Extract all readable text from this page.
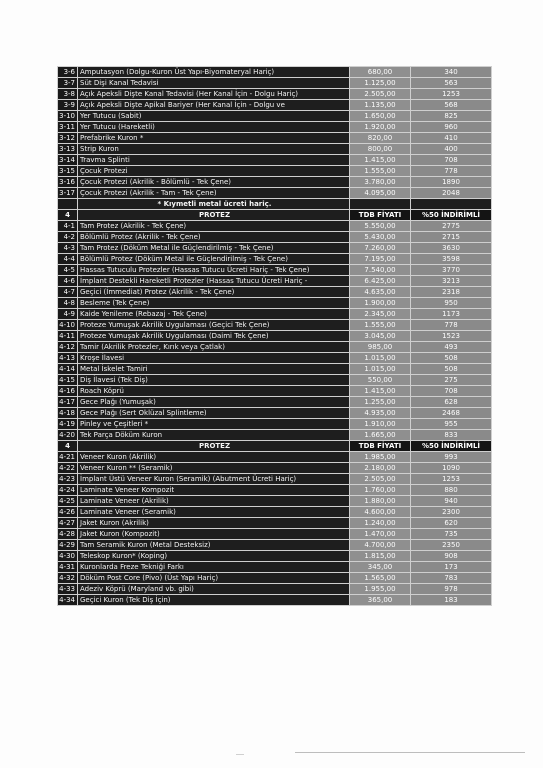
3-6	Amputasyon (Dolgu-Kuron Üst Yapı-Biyomateryal Hariç)	680,00	340
3-7	Süt Dişi Kanal Tedavisi	1.125,00	563
3-8	Açık Apeksli Dişte Kanal Tedavisi (Her Kanal İçin - Dolgu Hariç)	2.505,00	1253
3-9	Açık Apeksli Dişte Apikal Bariyer (Her Kanal İçin - Dolgu ve	1.135,00	568
3-10	Yer Tutucu (Sabit)	1.650,00	825
3-11	Yer Tutucu (Hareketli)	1.920,00	960
3-12	Prefabrike Kuron *	820,00	410
3-13	Strip Kuron	800,00	400
3-14	Travma Splinti	1.415,00	708
3-15	Çocuk Protezi	1.555,00	778
3-16	Çocuk Protezi (Akrilik - Bölümlü - Tek Çene)	3.780,00	1890
3-17	Çocuk Protezi (Akrilik - Tam - Tek Çene)	4.095,00	2048
	* Kıymetli metal ücreti hariç.		
4	PROTEZ	TDB FİYATI	%50 İNDİRİMLİ
4-1	Tam Protez (Akrilik - Tek Çene)	5.550,00	2775
4-2	Bölümlü Protez (Akrilik - Tek Çene)	5.430,00	2715
4-3	Tam Protez (Döküm Metal ile Güçlendirilmiş - Tek Çene)	7.260,00	3630
4-4	Bölümlü Protez (Döküm Metal ile Güçlendirilmiş - Tek Çene)	7.195,00	3598
4-5	Hassas Tutuculu Protezler (Hassas Tutucu Ücreti Hariç - Tek Çene)	7.540,00	3770
4-6	İmplant Destekli Hareketli Protezler (Hassas Tutucu Ücreti Hariç -	6.425,00	3213
4-7	Geçici (İmmediat) Protez (Akrilik - Tek Çene)	4.635,00	2318
4-8	Besleme (Tek Çene)	1.900,00	950
4-9	Kaide Yenileme (Rebazaj - Tek Çene)	2.345,00	1173
4-10	Proteze Yumuşak Akrilik Uygulaması (Geçici Tek Çene)	1.555,00	778
4-11	Proteze Yumuşak Akrilik Uygulaması (Daimi Tek Çene)	3.045,00	1523
4-12	Tamir (Akrilik Protezler, Kırık veya Çatlak)	985,00	493
4-13	Kroşe İlavesi	1.015,00	508
4-14	Metal İskelet Tamiri	1.015,00	508
4-15	Diş İlavesi (Tek Diş)	550,00	275
4-16	Roach Köprü	1.415,00	708
4-17	Gece Plağı (Yumuşak)	1.255,00	628
4-18	Gece Plağı (Sert Oklüzal Splintleme)	4.935,00	2468
4-19	Pinley ve Çeşitleri *	1.910,00	955
4-20	Tek Parça Döküm Kuron	1.665,00	833
4	PROTEZ	TDB FİYATI	%50 İNDİRİMLİ
4-21	Veneer Kuron (Akrilik)	1.985,00	993
4-22	Veneer Kuron ** (Seramik)	2.180,00	1090
4-23	İmplant Üstü Veneer Kuron (Seramik) (Abutment Ücreti Hariç)	2.505,00	1253
4-24	Laminate Veneer Kompozit	1.760,00	880
4-25	Laminate Veneer (Akrilik)	1.880,00	940
4-26	Laminate Veneer (Seramik)	4.600,00	2300
4-27	Jaket Kuron (Akrilik)	1.240,00	620
4-28	Jaket Kuron (Kompozit)	1.470,00	735
4-29	Tam Seramik Kuron (Metal Desteksiz)	4.700,00	2350
4-30	Teleskop Kuron* (Koping)	1.815,00	908
4-31	Kuronlarda Freze Tekniği Farkı	345,00	173
4-32	Döküm Post Core (Pivo) (Üst Yapı Hariç)	1.565,00	783
4-33	Adeziv Köprü (Maryland vb. gibi)	1.955,00	978
4-34	Geçici Kuron (Tek Diş İçin)	365,00	183
